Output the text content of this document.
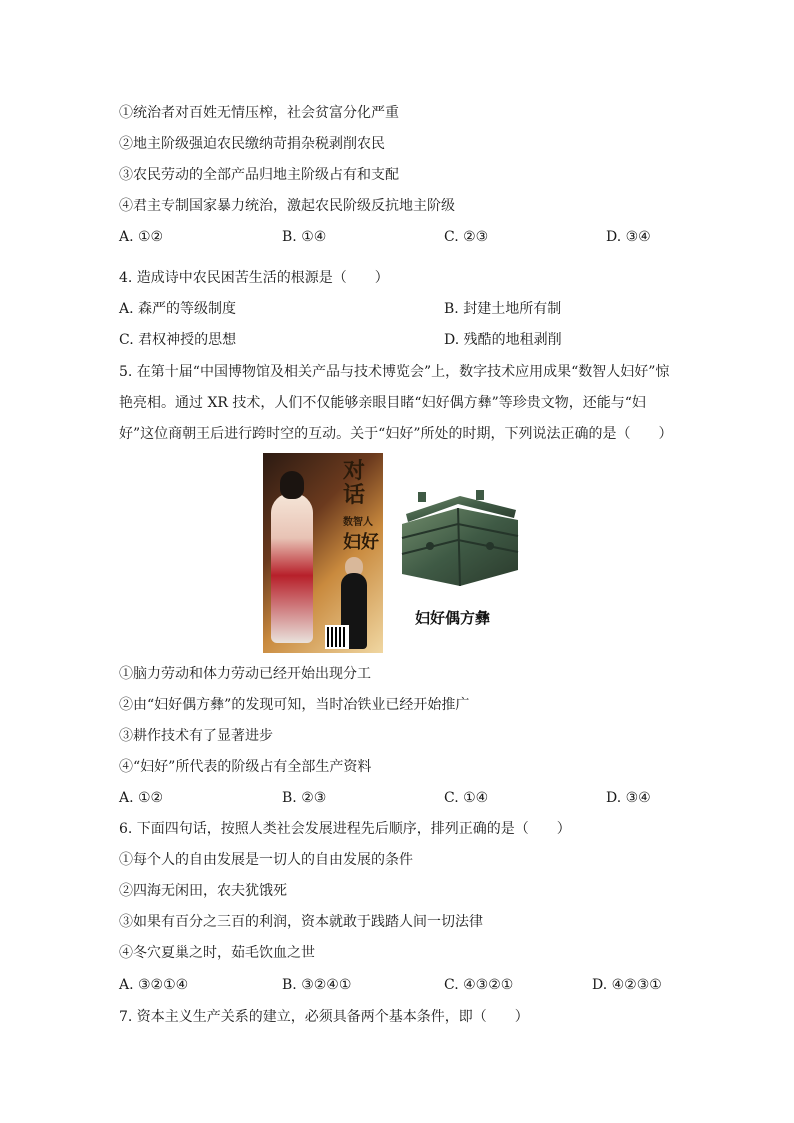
①统治者对百姓无情压榨，社会贫富分化严重
②地主阶级强迫农民缴纳苛捐杂税剥削农民
③农民劳动的全部产品归地主阶级占有和支配
④君主专制国家暴力统治，激起农民阶级反抗地主阶级
A. ①②	B. ①④	C. ②③	D. ③④
4. 造成诗中农民困苦生活的根源是（　　）
A. 森严的等级制度	B. 封建土地所有制
C. 君权神授的思想	D. 残酷的地租剥削
5. 在第十届“中国博物馆及相关产品与技术博览会”上，数字技术应用成果“数智人妇好”惊艳亮相。通过 XR 技术，人们不仅能够亲眼目睹“妇好偶方彝”等珍贵文物，还能与“妇好”这位商朝王后进行跨时空的互动。关于“妇好”所处的时期，下列说法正确的是（　　）
对
话
数智人
妇好
妇好偶方彝
①脑力劳动和体力劳动已经开始出现分工
②由“妇好偶方彝”的发现可知，当时冶铁业已经开始推广
③耕作技术有了显著进步
④“妇好”所代表的阶级占有全部生产资料
A. ①②	B. ②③	C. ①④	D. ③④
6. 下面四句话，按照人类社会发展进程先后顺序，排列正确的是（　　）
①每个人的自由发展是一切人的自由发展的条件
②四海无闲田，农夫犹饿死
③如果有百分之三百的利润，资本就敢于践踏人间一切法律
④冬穴夏巢之时，茹毛饮血之世
A. ③②①④	B. ③②④①	C. ④③②①	D. ④②③①
7. 资本主义生产关系的建立，必须具备两个基本条件，即（　　）
